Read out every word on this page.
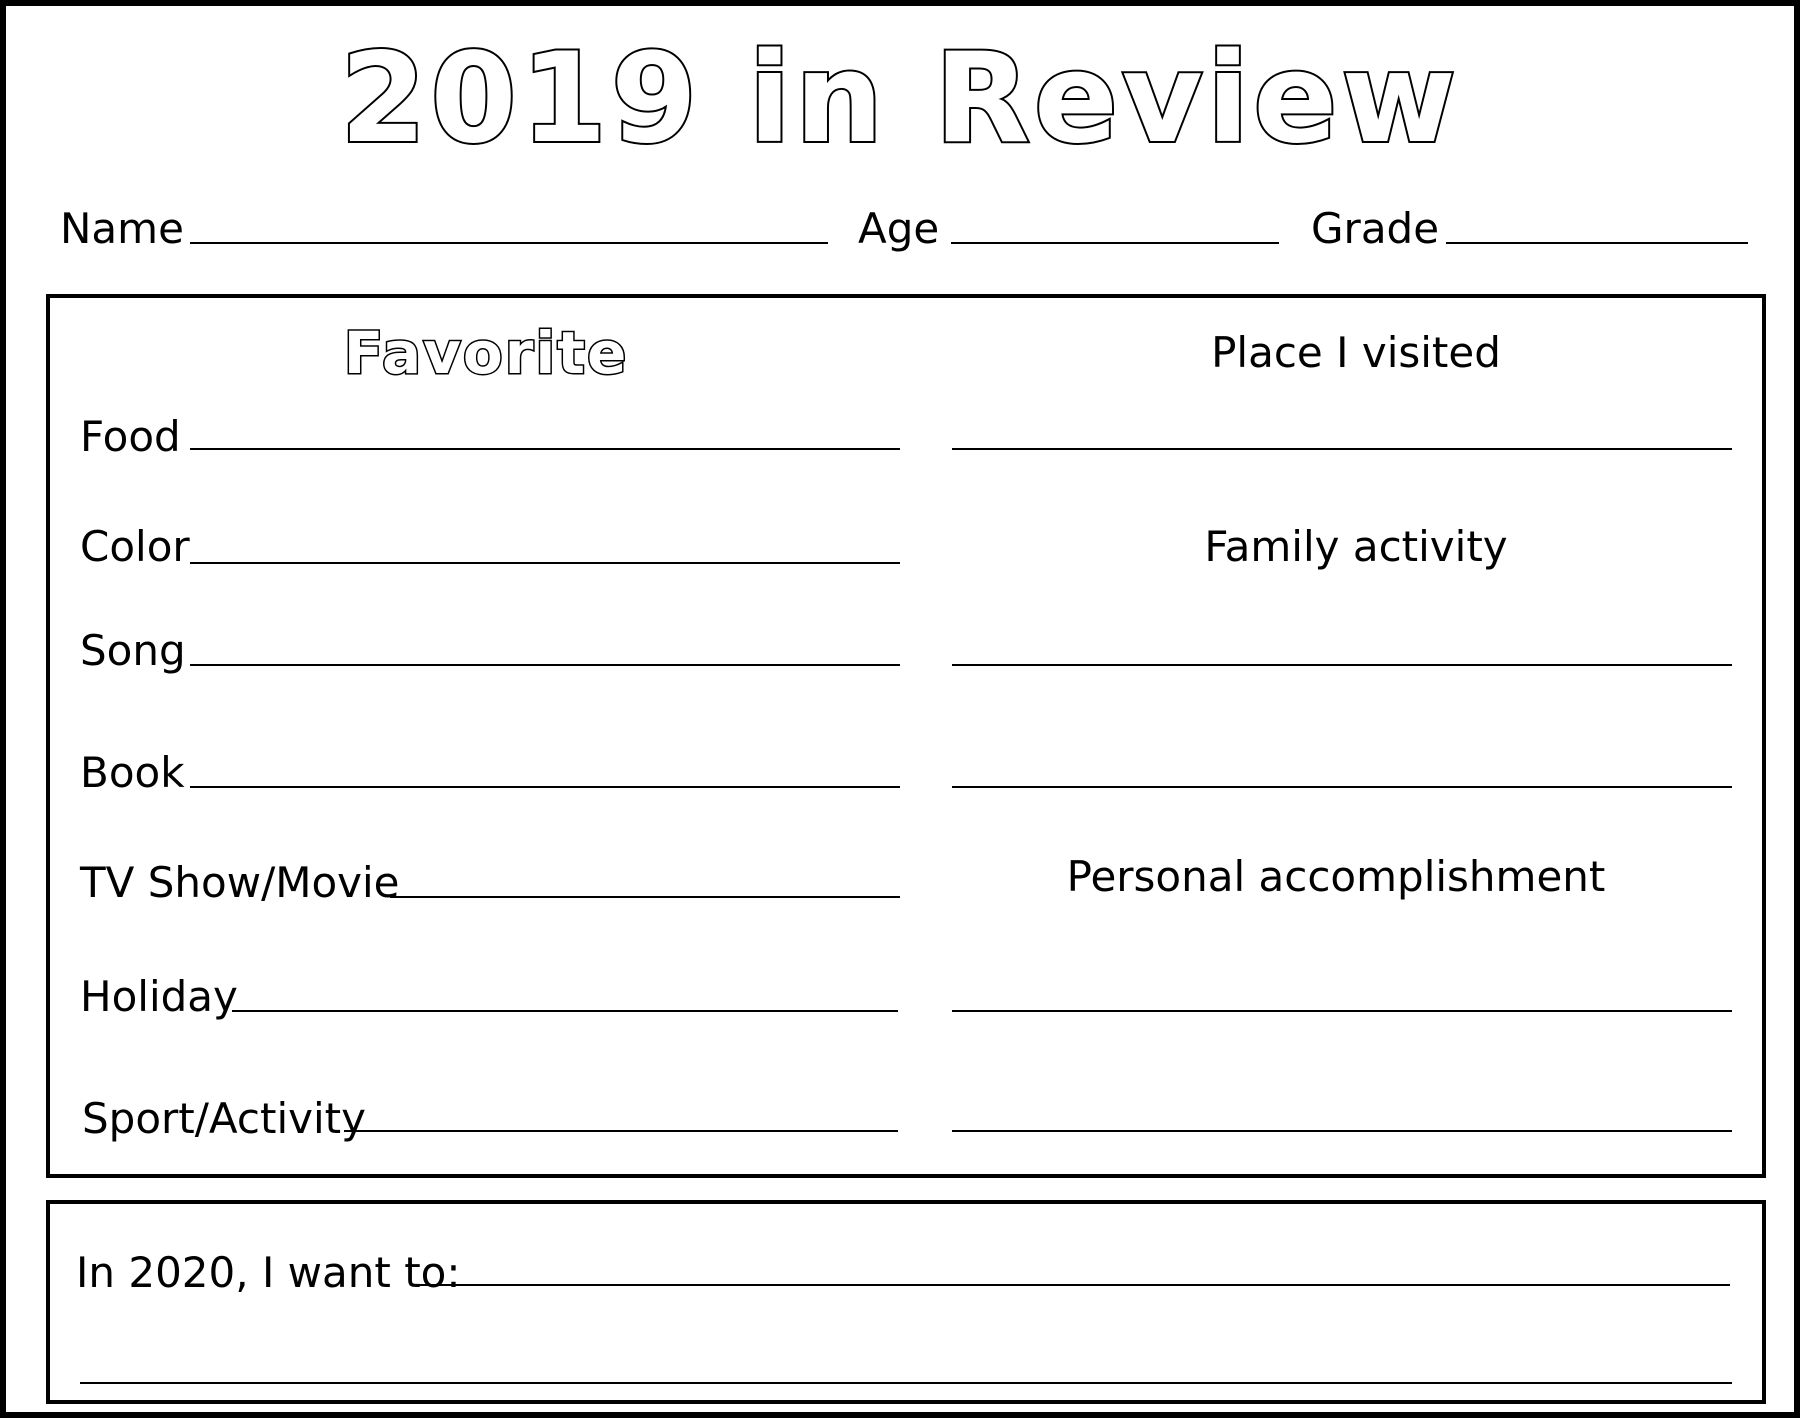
2019 in Review
Name	Age	Grade
Favorite
Food
Color
Song
Book
TV Show/Movie
Holiday
Sport/Activity
Place I visited
Family activity
Personal accomplishment
In 2020, I want to:
